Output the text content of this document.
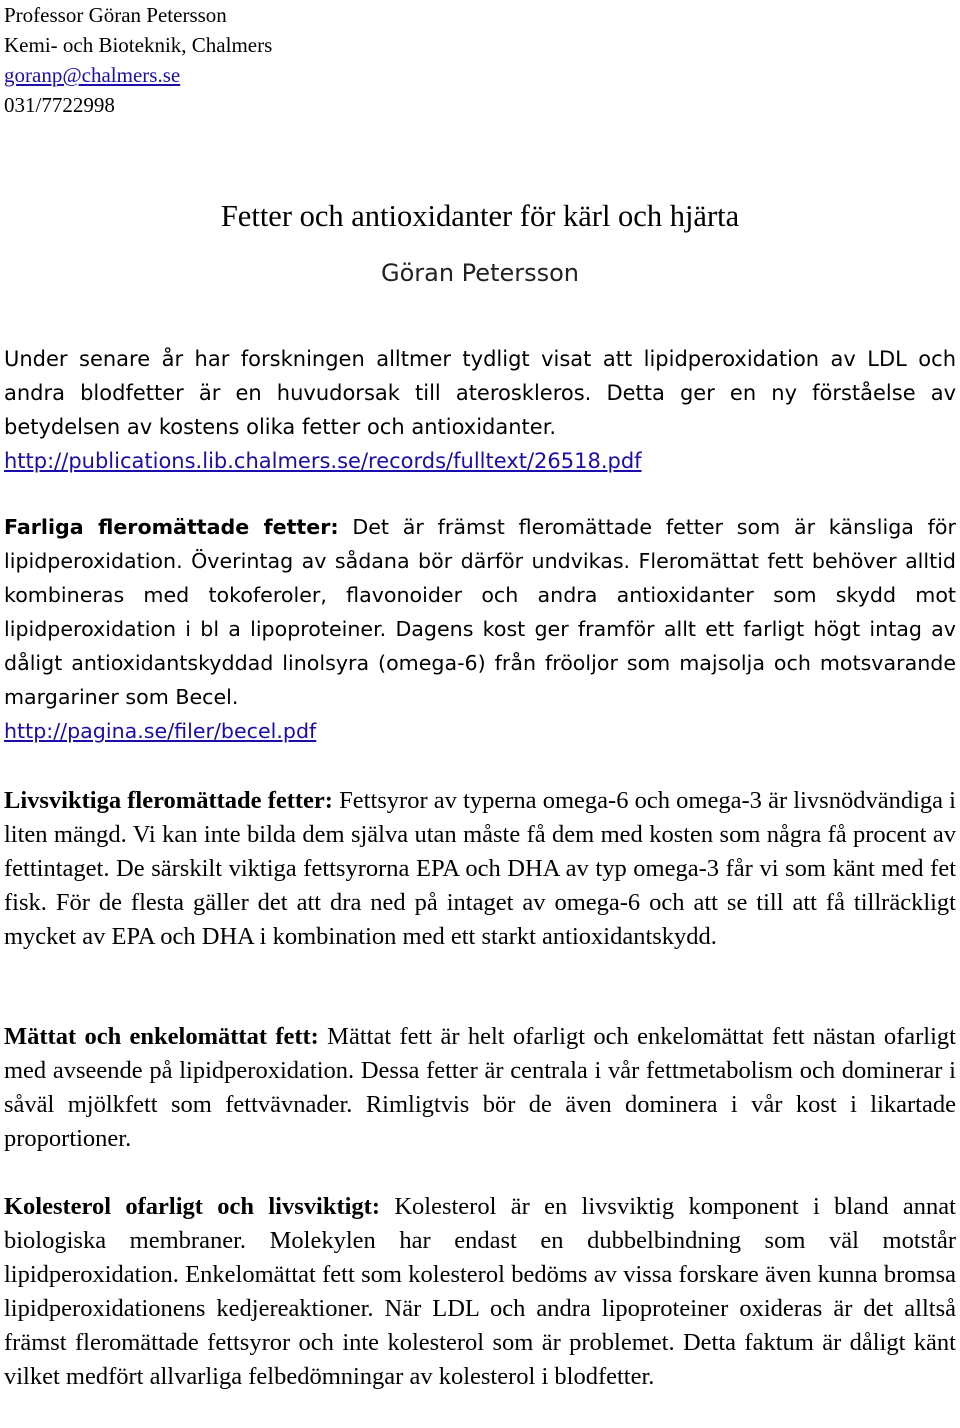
Professor Göran Petersson
Kemi- och Bioteknik, Chalmers
goranp@chalmers.se
031/7722998
Fetter och antioxidanter för kärl och hjärta
Göran Petersson
Under senare år har forskningen alltmer tydligt visat att lipidperoxidation av LDL och andra blodfetter är en huvudorsak till ateroskleros. Detta ger en ny förståelse av betydelsen av kostens olika fetter och antioxidanter.
http://publications.lib.chalmers.se/records/fulltext/26518.pdf
Farliga fleromättade fetter: Det är främst fleromättade fetter som är känsliga för lipidperoxidation. Överintag av sådana bör därför undvikas. Fleromättat fett behöver alltid kombineras med tokoferoler, flavonoider och andra antioxidanter som skydd mot lipidperoxidation i bl a lipoproteiner. Dagens kost ger framför allt ett farligt högt intag av dåligt antioxidantskyddad linolsyra (omega-6) från fröoljor som majsolja och motsvarande margariner som Becel.
http://pagina.se/filer/becel.pdf
Livsviktiga fleromättade fetter: Fettsyror av typerna omega-6 och omega-3 är livsnödvändiga i liten mängd. Vi kan inte bilda dem själva utan måste få dem med kosten som några få procent av fettintaget. De särskilt viktiga fettsyrorna EPA och DHA av typ omega-3 får vi som känt med fet fisk. För de flesta gäller det att dra ned på intaget av omega-6 och att se till att få tillräckligt mycket av EPA och DHA i kombination med ett starkt antioxidantskydd.
Mättat och enkelomättat fett: Mättat fett är helt ofarligt och enkelomättat fett nästan ofarligt med avseende på lipidperoxidation. Dessa fetter är centrala i vår fettmetabolism och dominerar i såväl mjölkfett som fettvävnader. Rimligtvis bör de även dominera i vår kost i likartade proportioner.
Kolesterol ofarligt och livsviktigt: Kolesterol är en livsviktig komponent i bland annat biologiska membraner. Molekylen har endast en dubbelbindning som väl motstår lipidperoxidation. Enkelomättat fett som kolesterol bedöms av vissa forskare även kunna bromsa lipidperoxidationens kedjereaktioner. När LDL och andra lipoproteiner oxideras är det alltså främst fleromättade fettsyror och inte kolesterol som är problemet. Detta faktum är dåligt känt vilket medfört allvarliga felbedömningar av kolesterol i blodfetter.
